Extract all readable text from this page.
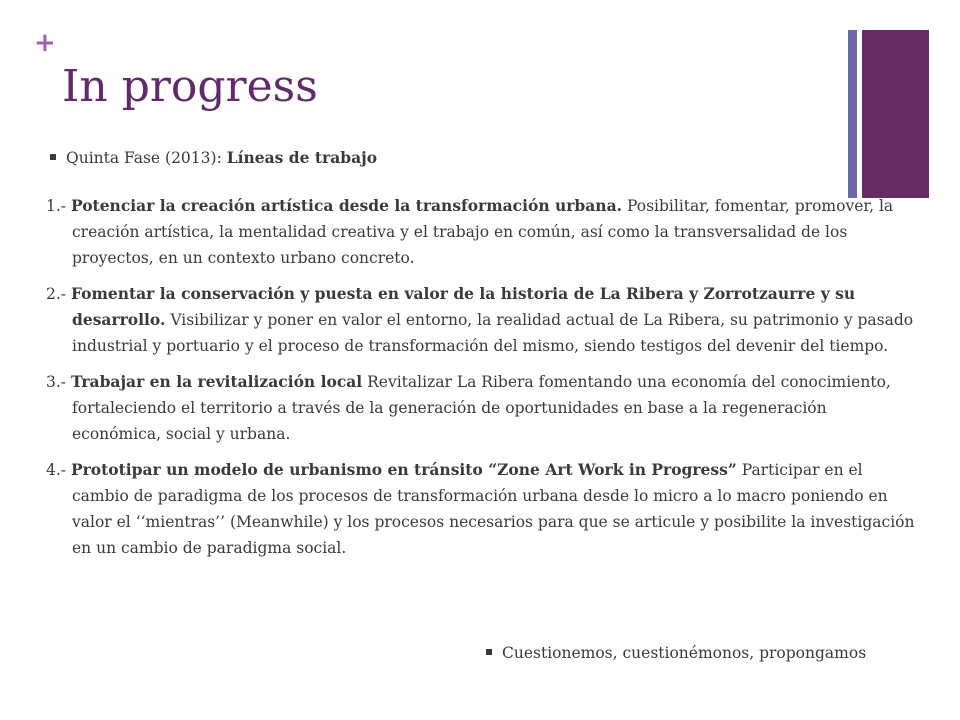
+
In progress
Quinta Fase (2013): Líneas de trabajo

1.- Potenciar la creación artística desde la transformación urbana. Posibilitar, fomentar, promover, la creación artística, la mentalidad creativa y el trabajo en común, así como la transversalidad de los proyectos, en un contexto urbano concreto.

2.- Fomentar la conservación y puesta en valor de la historia de La Ribera y Zorrotzaurre y su desarrollo. Visibilizar y poner en valor el entorno, la realidad actual de La Ribera, su patrimonio y pasado industrial y portuario y el proceso de transformación del mismo, siendo testigos del devenir del tiempo.

3.- Trabajar en la revitalización local Revitalizar La Ribera fomentando una economía del conocimiento, fortaleciendo el territorio a través de la generación de oportunidades en base a la regeneración económica, social y urbana.

4.- Prototipar un modelo de urbanismo en tránsito “Zone Art Work in Progress” Participar en el cambio de paradigma de los procesos de transformación urbana desde lo micro a lo macro poniendo en valor el ‘‘mientras’’ (Meanwhile) y los procesos necesarios para que se articule y posibilite la investigación en un cambio de paradigma social.

Cuestionemos, cuestionémonos, propongamos
